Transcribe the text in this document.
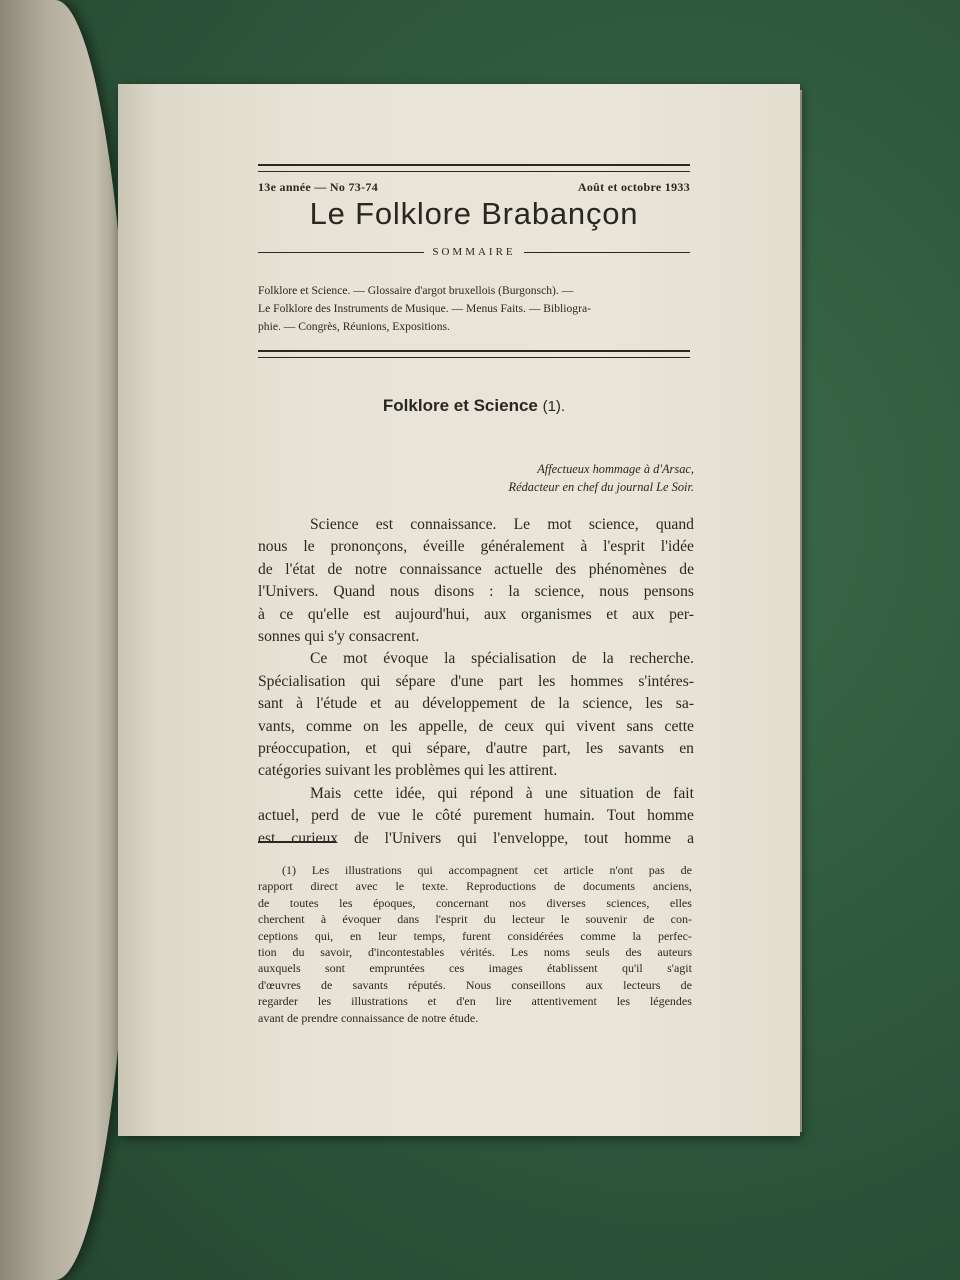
13e année — No 73-74	Août et octobre 1933
Le Folklore Brabançon
SOMMAIRE
Folklore et Science. — Glossaire d'argot bruxellois (Burgonsch). —
Le Folklore des Instruments de Musique. — Menus Faits. — Bibliogra-
phie. — Congrès, Réunions, Expositions.
Folklore et Science (1).
Affectueux hommage à d'Arsac,
Rédacteur en chef du journal Le Soir.
Science est connaissance. Le mot science, quand
nous le prononçons, éveille généralement à l'esprit l'idée
de l'état de notre connaissance actuelle des phénomènes de
l'Univers. Quand nous disons : la science, nous pensons
à ce qu'elle est aujourd'hui, aux organismes et aux per-
sonnes qui s'y consacrent.
Ce mot évoque la spécialisation de la recherche.
Spécialisation qui sépare d'une part les hommes s'intéres-
sant à l'étude et au développement de la science, les sa-
vants, comme on les appelle, de ceux qui vivent sans cette
préoccupation, et qui sépare, d'autre part, les savants en
catégories suivant les problèmes qui les attirent.
Mais cette idée, qui répond à une situation de fait
actuel, perd de vue le côté purement humain. Tout homme
est curieux de l'Univers qui l'enveloppe, tout homme a
(1) Les illustrations qui accompagnent cet article n'ont pas de
rapport direct avec le texte. Reproductions de documents anciens,
de toutes les époques, concernant nos diverses sciences, elles
cherchent à évoquer dans l'esprit du lecteur le souvenir de con-
ceptions qui, en leur temps, furent considérées comme la perfec-
tion du savoir, d'incontestables vérités. Les noms seuls des auteurs
auxquels sont empruntées ces images établissent qu'il s'agit
d'œuvres de savants réputés. Nous conseillons aux lecteurs de
regarder les illustrations et d'en lire attentivement les légendes
avant de prendre connaissance de notre étude.
